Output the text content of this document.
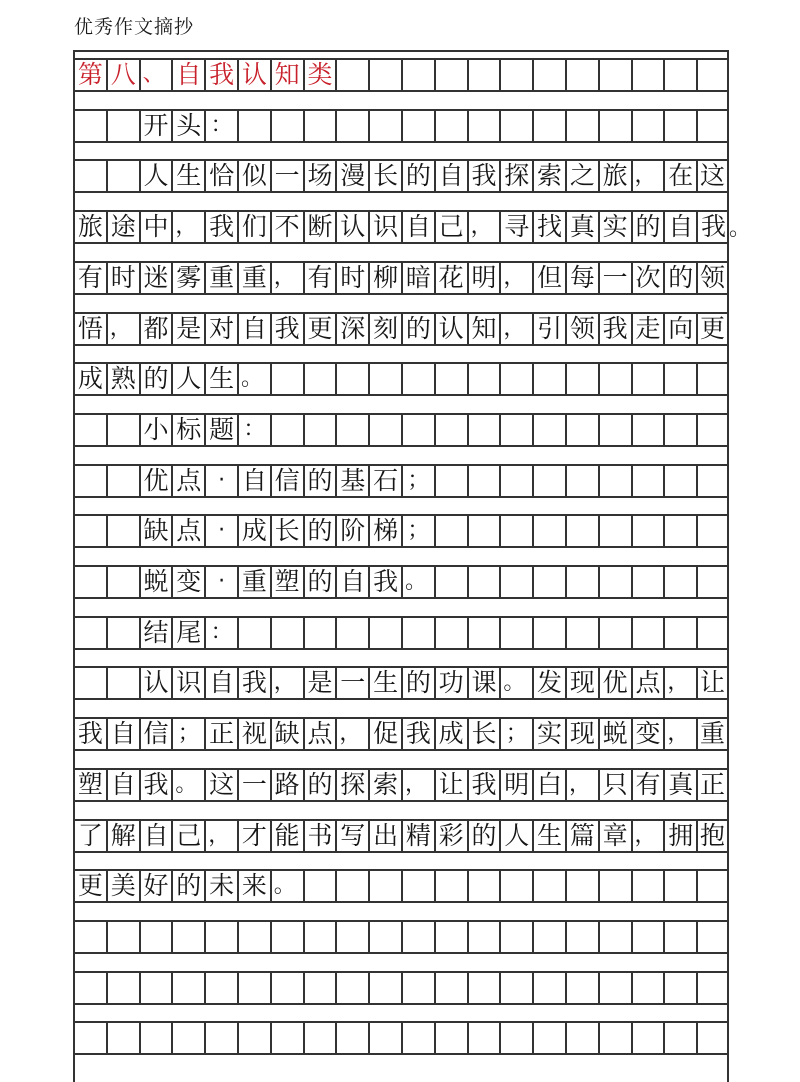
优秀作文摘抄
第 八 、 自 我 认 知 类
开 头 ：
人 生 恰 似 一 场 漫 长 的 自 我 探 索 之 旅 ， 在 这
旅 途 中 ， 我 们 不 断 认 识 自 己 ， 寻 找 真 实 的 自 我 。
有 时 迷 雾 重 重 ， 有 时 柳 暗 花 明 ， 但 每 一 次 的 领
悟 ， 都 是 对 自 我 更 深 刻 的 认 知 ， 引 领 我 走 向 更
成 熟 的 人 生 。
小 标 题 ：
优 点 · 自 信 的 基 石 ；
缺 点 · 成 长 的 阶 梯 ；
蜕 变 · 重 塑 的 自 我 。
结 尾 ：
认 识 自 我 ， 是 一 生 的 功 课 。 发 现 优 点 ， 让
我 自 信 ； 正 视 缺 点 ， 促 我 成 长 ； 实 现 蜕 变 ， 重
塑 自 我 。 这 一 路 的 探 索 ， 让 我 明 白 ， 只 有 真 正
了 解 自 己 ， 才 能 书 写 出 精 彩 的 人 生 篇 章 ， 拥 抱
更 美 好 的 未 来 。
